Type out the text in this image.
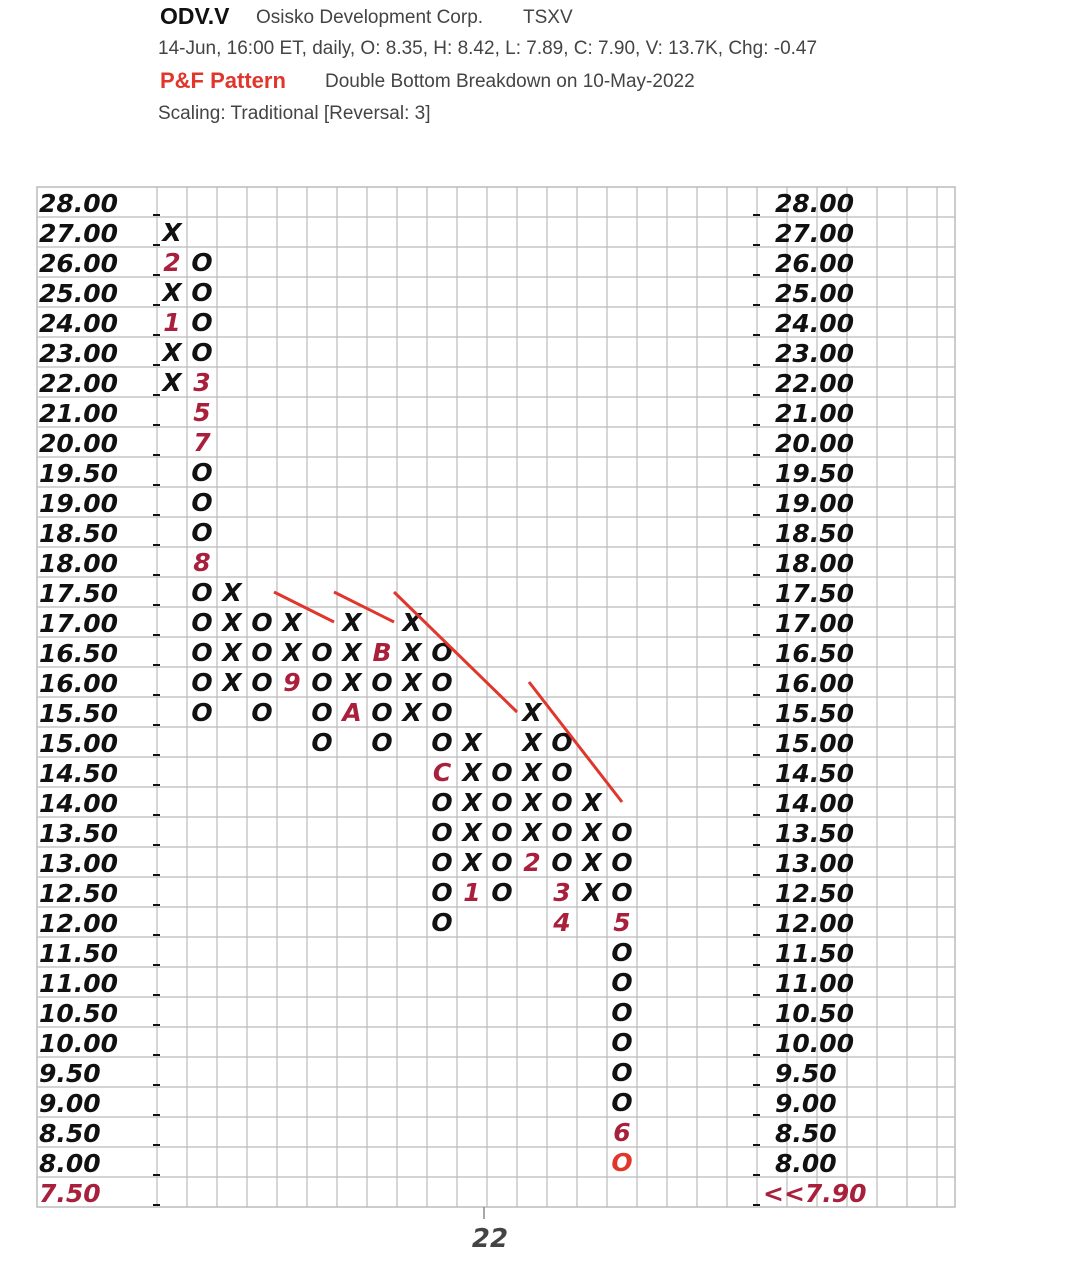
ODV.V Osisko Development Corp. TSXV
14-Jun, 16:00 ET, daily, O: 8.35, H: 8.42, L: 7.89, C: 7.90, V: 13.7K, Chg: -0.47
P&F Pattern Double Bottom Breakdown on 10-May-2022
Scaling: Traditional [Reversal: 3]
28.00
27.00
26.00
25.00
24.00
23.00
22.00
21.00
20.00
19.50
19.00
18.50
18.00
17.50
17.00
16.50
16.00
15.50
15.00
14.50
14.00
13.50
13.00
12.50
12.00
11.50
11.00
10.50
10.00
9.50
9.00
8.50
8.00
7.50
28.00
27.00
26.00
25.00
24.00
23.00
22.00
21.00
20.00
19.50
19.00
18.50
18.00
17.50
17.00
16.50
16.00
15.50
15.00
14.50
14.00
13.50
13.00
12.50
12.00
11.50
11.00
10.50
10.00
9.50
9.00
8.50
8.00
<<7.90
X
2
X
1
X
X
O
O
O
O
3
5
7
O
O
O
8
O
O
O
O
O
X
X
X
X
O
O
O
O
X
X
9
O
O
O
O
X
X
X
A
B
O
O
O
X
X
X
X
O
O
O
O
C
O
O
O
O
O
X
X
X
X
X
1
O
O
O
O
O
X
X
X
X
X
2
O
O
O
O
O
3
4
X
X
X
X
O
O
O
5
O
O
O
O
O
O
6
O
22
